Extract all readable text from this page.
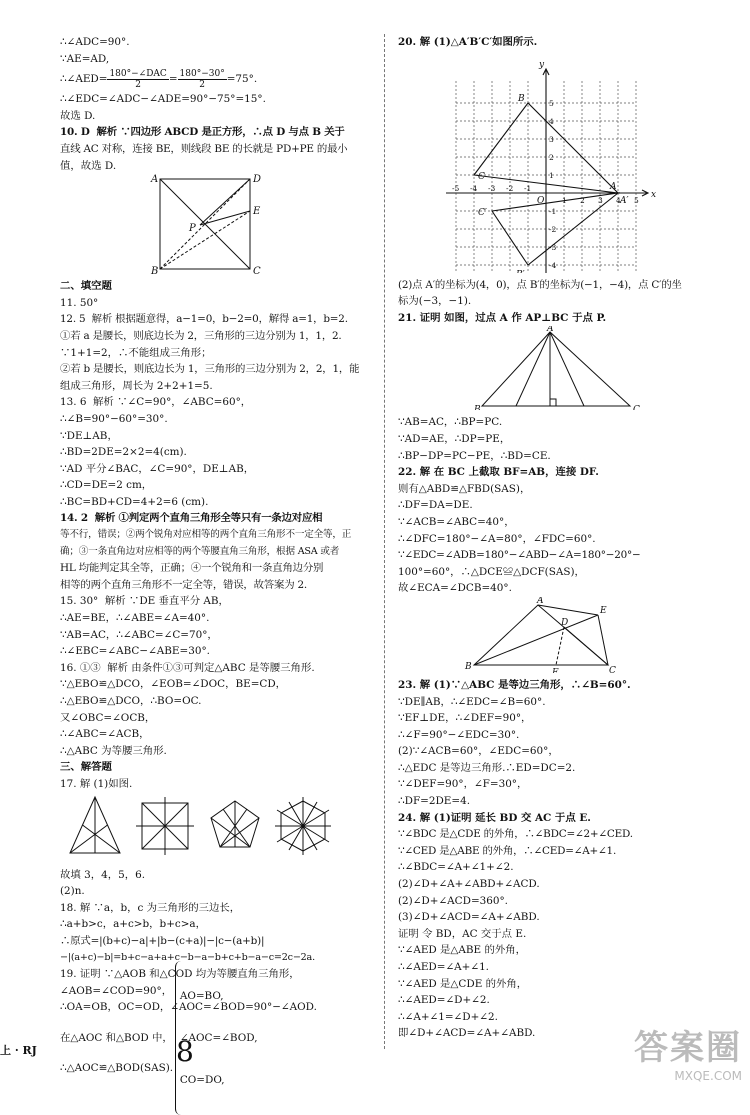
∴∠ADC=90°.
∵AE=AD,
∴∠AED= $\frac{\text{180°−∠DAC}}{2} = \frac{180^\circ-30^\circ}{2} =75^\circ$.
∴∠EDC=∠ADC−∠ADE=90°−75°=15°.
故选 D.
10. D  解析 ∵四边形 ABCD 是正方形，∴点 D 与点 B 关于
直线 AC 对称，连接 BE，则线段 BE 的长就是 PD+PE 的最小
值，故选 D.
A	D
E
P
B	C
二、填空题
11. 50°
12. 5  解析 根据题意得，a−1=0，b−2=0，解得 a=1，b=2.
①若 a 是腰长，则底边长为 2，三角形的三边分别为 1，1，2.
∵1+1=2，∴不能组成三角形；
②若 b 是腰长，则底边长为 1，三角形的三边分别为 2，2，1，能
组成三角形，周长为 2+2+1=5.
13. 6  解析 ∵∠C=90°，∠ABC=60°，
∴∠B=90°−60°=30°.
∵DE⊥AB，
∴BD=2DE=2×2=4(cm).
∵AD 平分∠BAC，∠C=90°，DE⊥AB，
∴CD=DE=2 cm，
∴BC=BD+CD=4+2=6 (cm).
14. 2  解析 ①判定两个直角三角形全等只有一条边对应相
等不行，错误；②两个锐角对应相等的两个直角三角形不一定全等，正
确；③一条直角边对应相等的两个等腰直角三角形，根据 ASA 或者
HL 均能判定其全等，正确；④一个锐角和一条直角边分别
相等的两个直角三角形不一定全等，错误，故答案为 2.
15. 30°  解析 ∵DE 垂直平分 AB，
∴AE=BE，∴∠ABE=∠A=40°.
∵AB=AC，∴∠ABC=∠C=70°，
∴∠EBC=∠ABC−∠ABE=30°.
16. ①③  解析 由条件①③可判定△ABC 是等腰三角形.
∵△EBO≌△DCO，∠EOB=∠DOC，BE=CD，
∴△EBO≌△DCO，∴BO=OC.
又∠OBC=∠OCB，
∴∠ABC=∠ACB，
∴△ABC 为等腰三角形.
三、解答题
17. 解 (1)如图.
故填 3，4，5，6.
(2)n.
18. 解 ∵a，b，c 为三角形的三边长，
∴a+b>c，a+c>b，b+c>a，
∴原式=|(b+c)−a|+|b−(c+a)|−|c−(a+b)|
−|(a+c)−b|=b+c−a+a+c−b−a−b+c+b−a−c=2c−2a.
19. 证明 ∵△AOB 和△COD 均为等腰直角三角形，
∠AOB=∠COD=90°，
∴OA=OB，OC=OD，∠AOC=∠BOD=90°−∠AOD.
在△AOC 和△BOD 中，

AO=BO,

∠AOC=∠BOD,

CO=DO,

∴△AOC≌△BOD(SAS).
20. 解 (1)△A′B′C′如图所示.
x
y
O
A
A′
B
C
C′
-5 -4 -3 -2 -1
1 2 3 4 5
5
4
3
2
1
-1
-2
-3
-4
(2)点 A′的坐标为(4，0)，点 B′的坐标为(−1，−4)，点 C′的坐
标为(−3，−1).
21. 证明 如图，过点 A 作 AP⊥BC 于点 P.
A
B	C
∵AB=AC，∴BP=PC.
∵AD=AE，∴DP=PE，
∴BP−DP=PC−PE，∴BD=CE.
22. 解 在 BC 上截取 BF=AB，连接 DF.
则有△ABD≌△FBD(SAS)，
∴DF=DA=DE.
∵∠ACB=∠ABC=40°，
∴∠DFC=180°−∠A=80°，∠FDC=60°.
∵∠EDC=∠ADB=180°−∠ABD−∠A=180°−20°−
100°=60°，∴△DCE≌△DCF(SAS)，
故∠ECA=∠DCB=40°.
A
D
E
B
F	C
23. 解 (1)∵△ABC 是等边三角形，∴∠B=60°.
∵DE∥AB，∴∠EDC=∠B=60°.
∵EF⊥DE，∴∠DEF=90°，
∴∠F=90°−∠EDC=30°.
(2)∵∠ACB=60°，∠EDC=60°，
∴△EDC 是等边三角形.∴ED=DC=2.
∵∠DEF=90°，∠F=30°，
∴DF=2DE=4.
24. 解 (1)证明 延长 BD 交 AC 于点 E.
∵∠BDC 是△CDE 的外角，∴∠BDC=∠2+∠CED.
∵∠CED 是△ABE 的外角，∴∠CED=∠A+∠1.
∴∠BDC=∠A+∠1+∠2.
(2)∠D+∠A+∠ABD+∠ACD.
(2)∠D+∠ACD=360°.
(3)∠D+∠ACD=∠A+∠ABD.
证明 令 BD，AC 交于点 E.
∵∠AED 是△ABE 的外角，
∴∠AED=∠A+∠1.
∵∠AED 是△CDE 的外角，
∴∠AED=∠D+∠2.
∴∠A+∠1=∠D+∠2.
即∠D+∠ACD=∠A+∠ABD.
上 · RJ	8	答案圈
MXQE.COM
